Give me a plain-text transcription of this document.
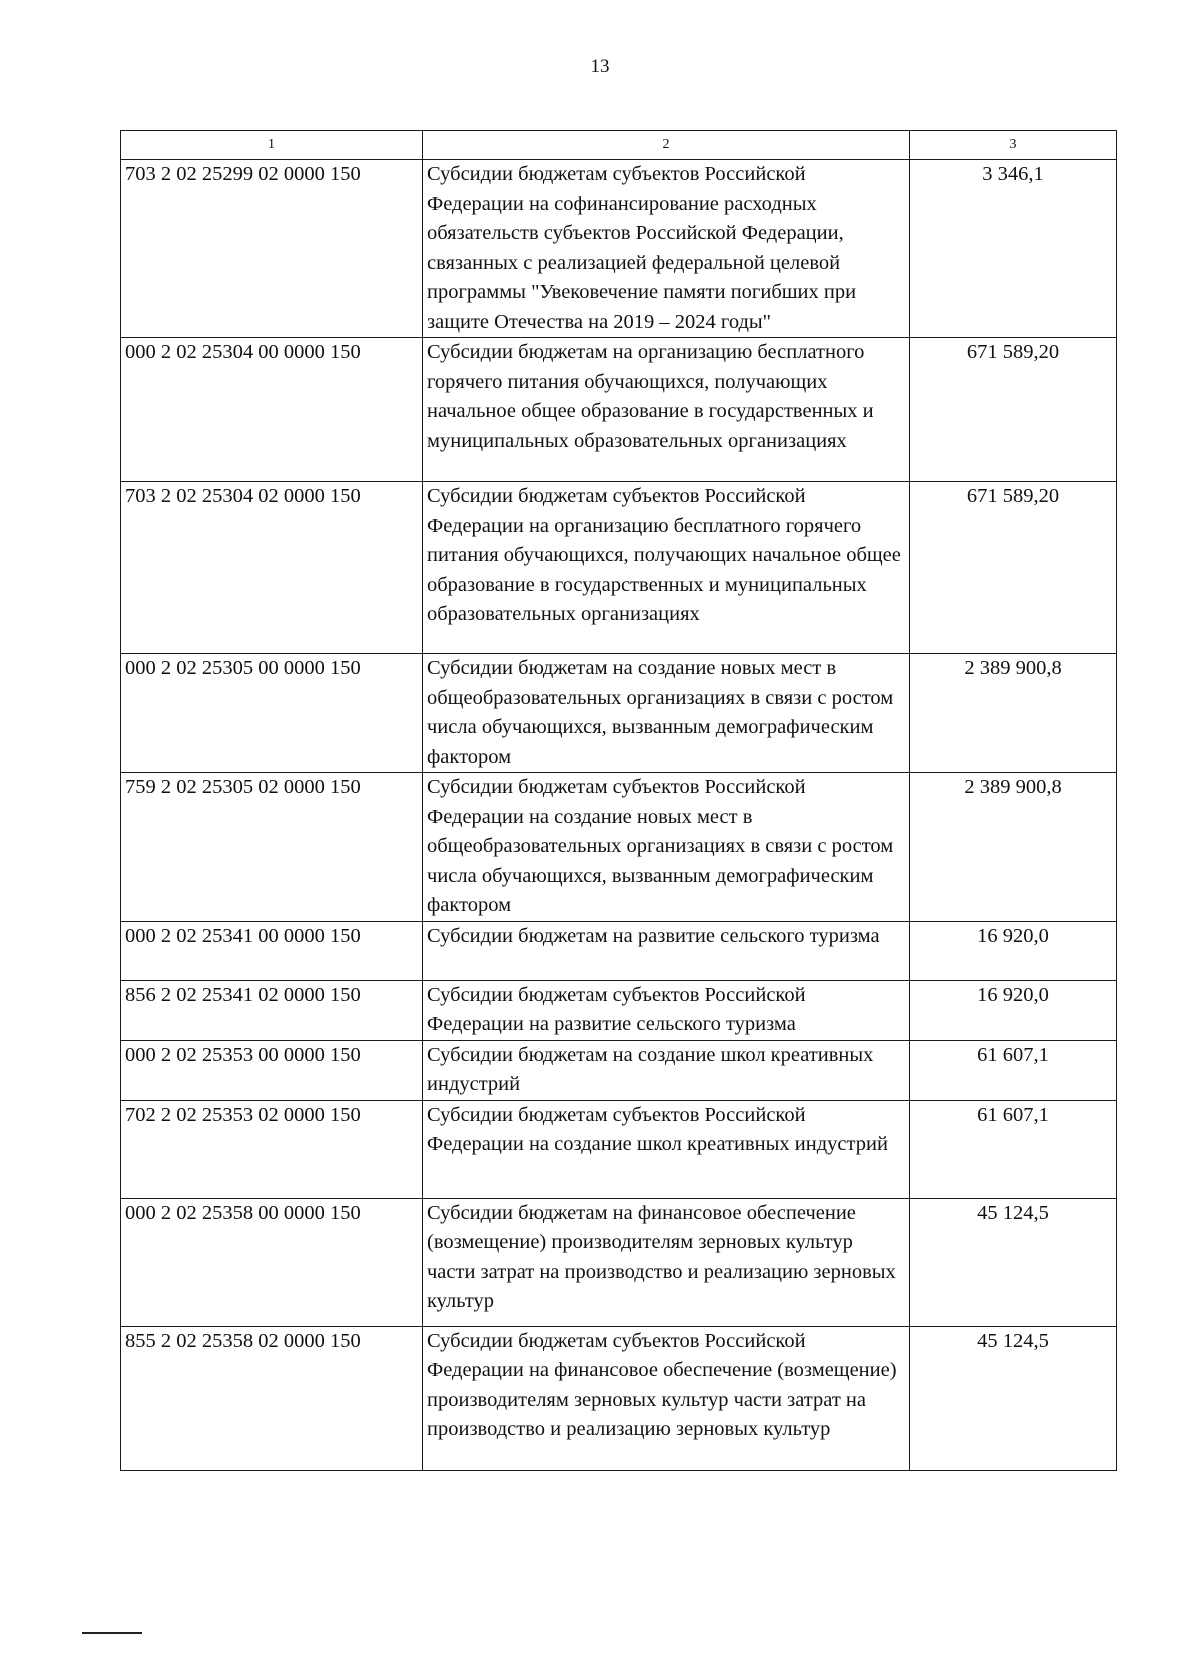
13
1	2	3
703 2 02 25299 02 0000 150	Субсидии бюджетам субъектов Российской Федерации на софинансирование расходных обязательств субъектов Российской Федерации, связанных с реализацией федеральной целевой программы "Увековечение памяти погибших при защите Отечества на 2019 – 2024 годы"	3 346,1
000 2 02 25304 00 0000 150	Субсидии бюджетам на организацию бесплатного горячего питания обучающихся, получающих начальное общее образование в государственных и муниципальных образовательных организациях	671 589,20
703 2 02 25304 02 0000 150	Субсидии бюджетам субъектов Российской Федерации на организацию бесплатного горячего питания обучающихся, получающих начальное общее образование в государственных и муниципальных образовательных организациях	671 589,20
000 2 02 25305 00 0000 150	Субсидии бюджетам на создание новых мест в общеобразовательных организациях в связи с ростом числа обучающихся, вызванным демографическим фактором	2 389 900,8
759 2 02 25305 02 0000 150	Субсидии бюджетам субъектов Российской Федерации на создание новых мест в общеобразовательных организациях в связи с ростом числа обучающихся, вызванным демографическим фактором	2 389 900,8
000 2 02 25341 00 0000 150	Субсидии бюджетам на развитие сельского туризма	16 920,0
856 2 02 25341 02 0000 150	Субсидии бюджетам субъектов Российской Федерации на развитие сельского туризма	16 920,0
000 2 02 25353 00 0000 150	Субсидии бюджетам на создание школ креативных индустрий	61 607,1
702 2 02 25353 02 0000 150	Субсидии бюджетам субъектов Российской Федерации на создание школ креативных индустрий	61 607,1
000 2 02 25358 00 0000 150	Субсидии бюджетам на финансовое обеспечение (возмещение) производителям зерновых культур части затрат на производство и реализацию зерновых культур	45 124,5
855 2 02 25358 02 0000 150	Субсидии бюджетам субъектов Российской Федерации на финансовое обеспечение (возмещение) производителям зерновых культур части затрат на производство и реализацию зерновых культур	45 124,5
